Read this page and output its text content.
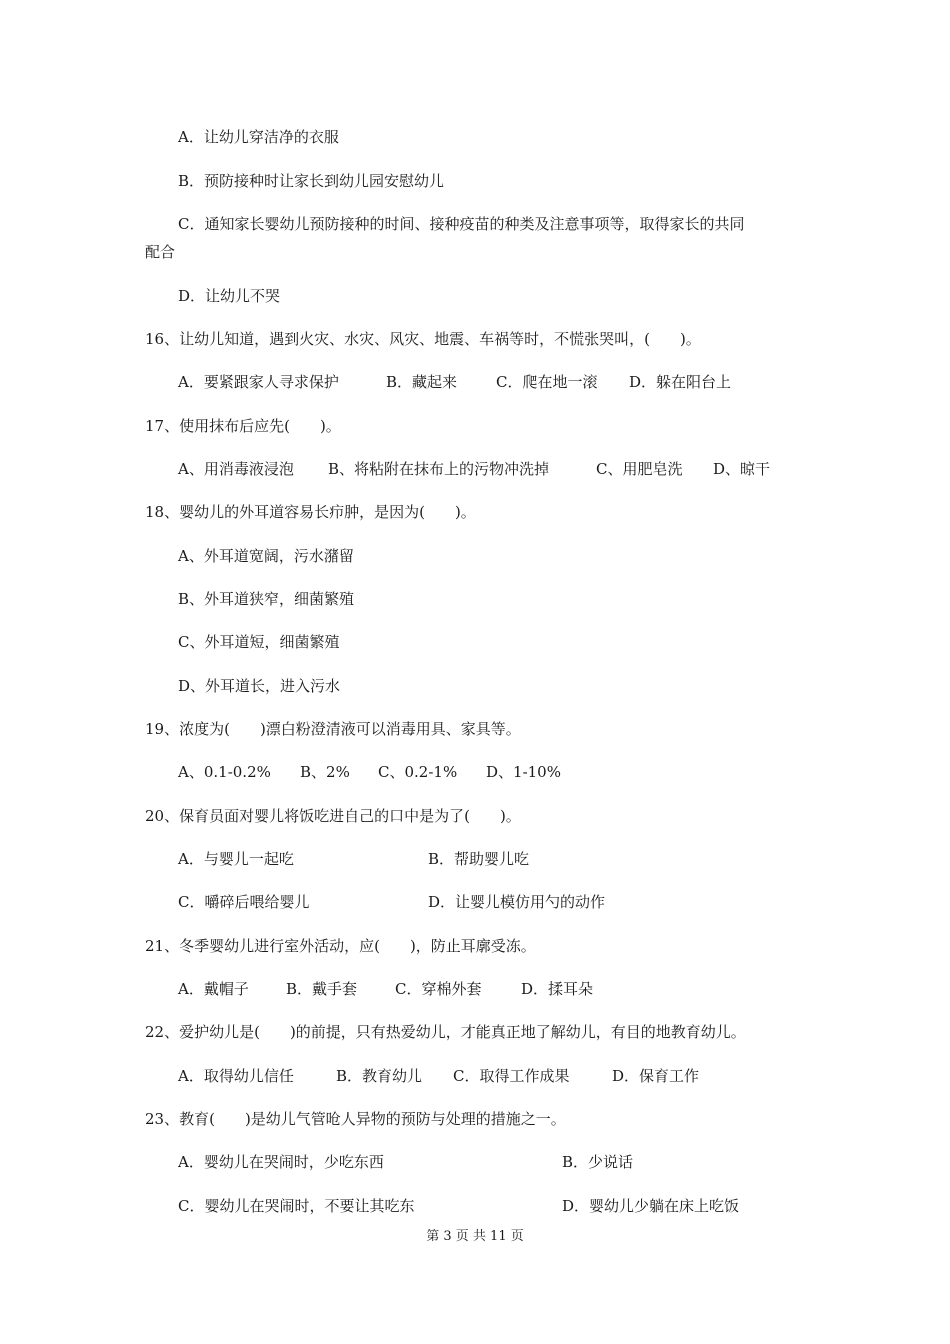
A．让幼儿穿洁净的衣服
B．预防接种时让家长到幼儿园安慰幼儿
C．通知家长婴幼儿预防接种的时间、接种疫苗的种类及注意事项等，取得家长的共同
配合
D．让幼儿不哭
16、让幼儿知道，遇到火灾、水灾、风灾、地震、车祸等时，不慌张哭叫，(　　)。
A．要紧跟家人寻求保护	B．藏起来	C．爬在地一滚 D．躲在阳台上
17、使用抹布后应先(　　)。
A、用消毒液浸泡 B、将粘附在抹布上的污物冲洗掉	C、用肥皂洗 D、晾干
18、婴幼儿的外耳道容易长疖肿，是因为(　　)。
A、外耳道宽阔，污水潴留
B、外耳道狭窄，细菌繁殖
C、外耳道短，细菌繁殖
D、外耳道长，进入污水
19、浓度为(　　)漂白粉澄清液可以消毒用具、家具等。
A、0.1-0.2% B、2% C、0.2-1% D、1-10%
20、保育员面对婴儿将饭吃进自己的口中是为了(　　)。
A．与婴儿一起吃	B．帮助婴儿吃
C．嚼碎后喂给婴儿	D．让婴儿模仿用勺的动作
21、冬季婴幼儿进行室外活动，应(　　)，防止耳廓受冻。
A．戴帽子 B．戴手套	C．穿棉外套	D．揉耳朵
22、爱护幼儿是(　　)的前提，只有热爱幼儿，才能真正地了解幼儿，有目的地教育幼儿。
A．取得幼儿信任	B．教育幼儿 C．取得工作成果	D．保育工作
23、教育(　　)是幼儿气管呛人异物的预防与处理的措施之一。
A．婴幼儿在哭闹时，少吃东西	B．少说话
C．婴幼儿在哭闹时，不要让其吃东	D．婴幼儿少躺在床上吃饭
第 3 页 共 11 页
